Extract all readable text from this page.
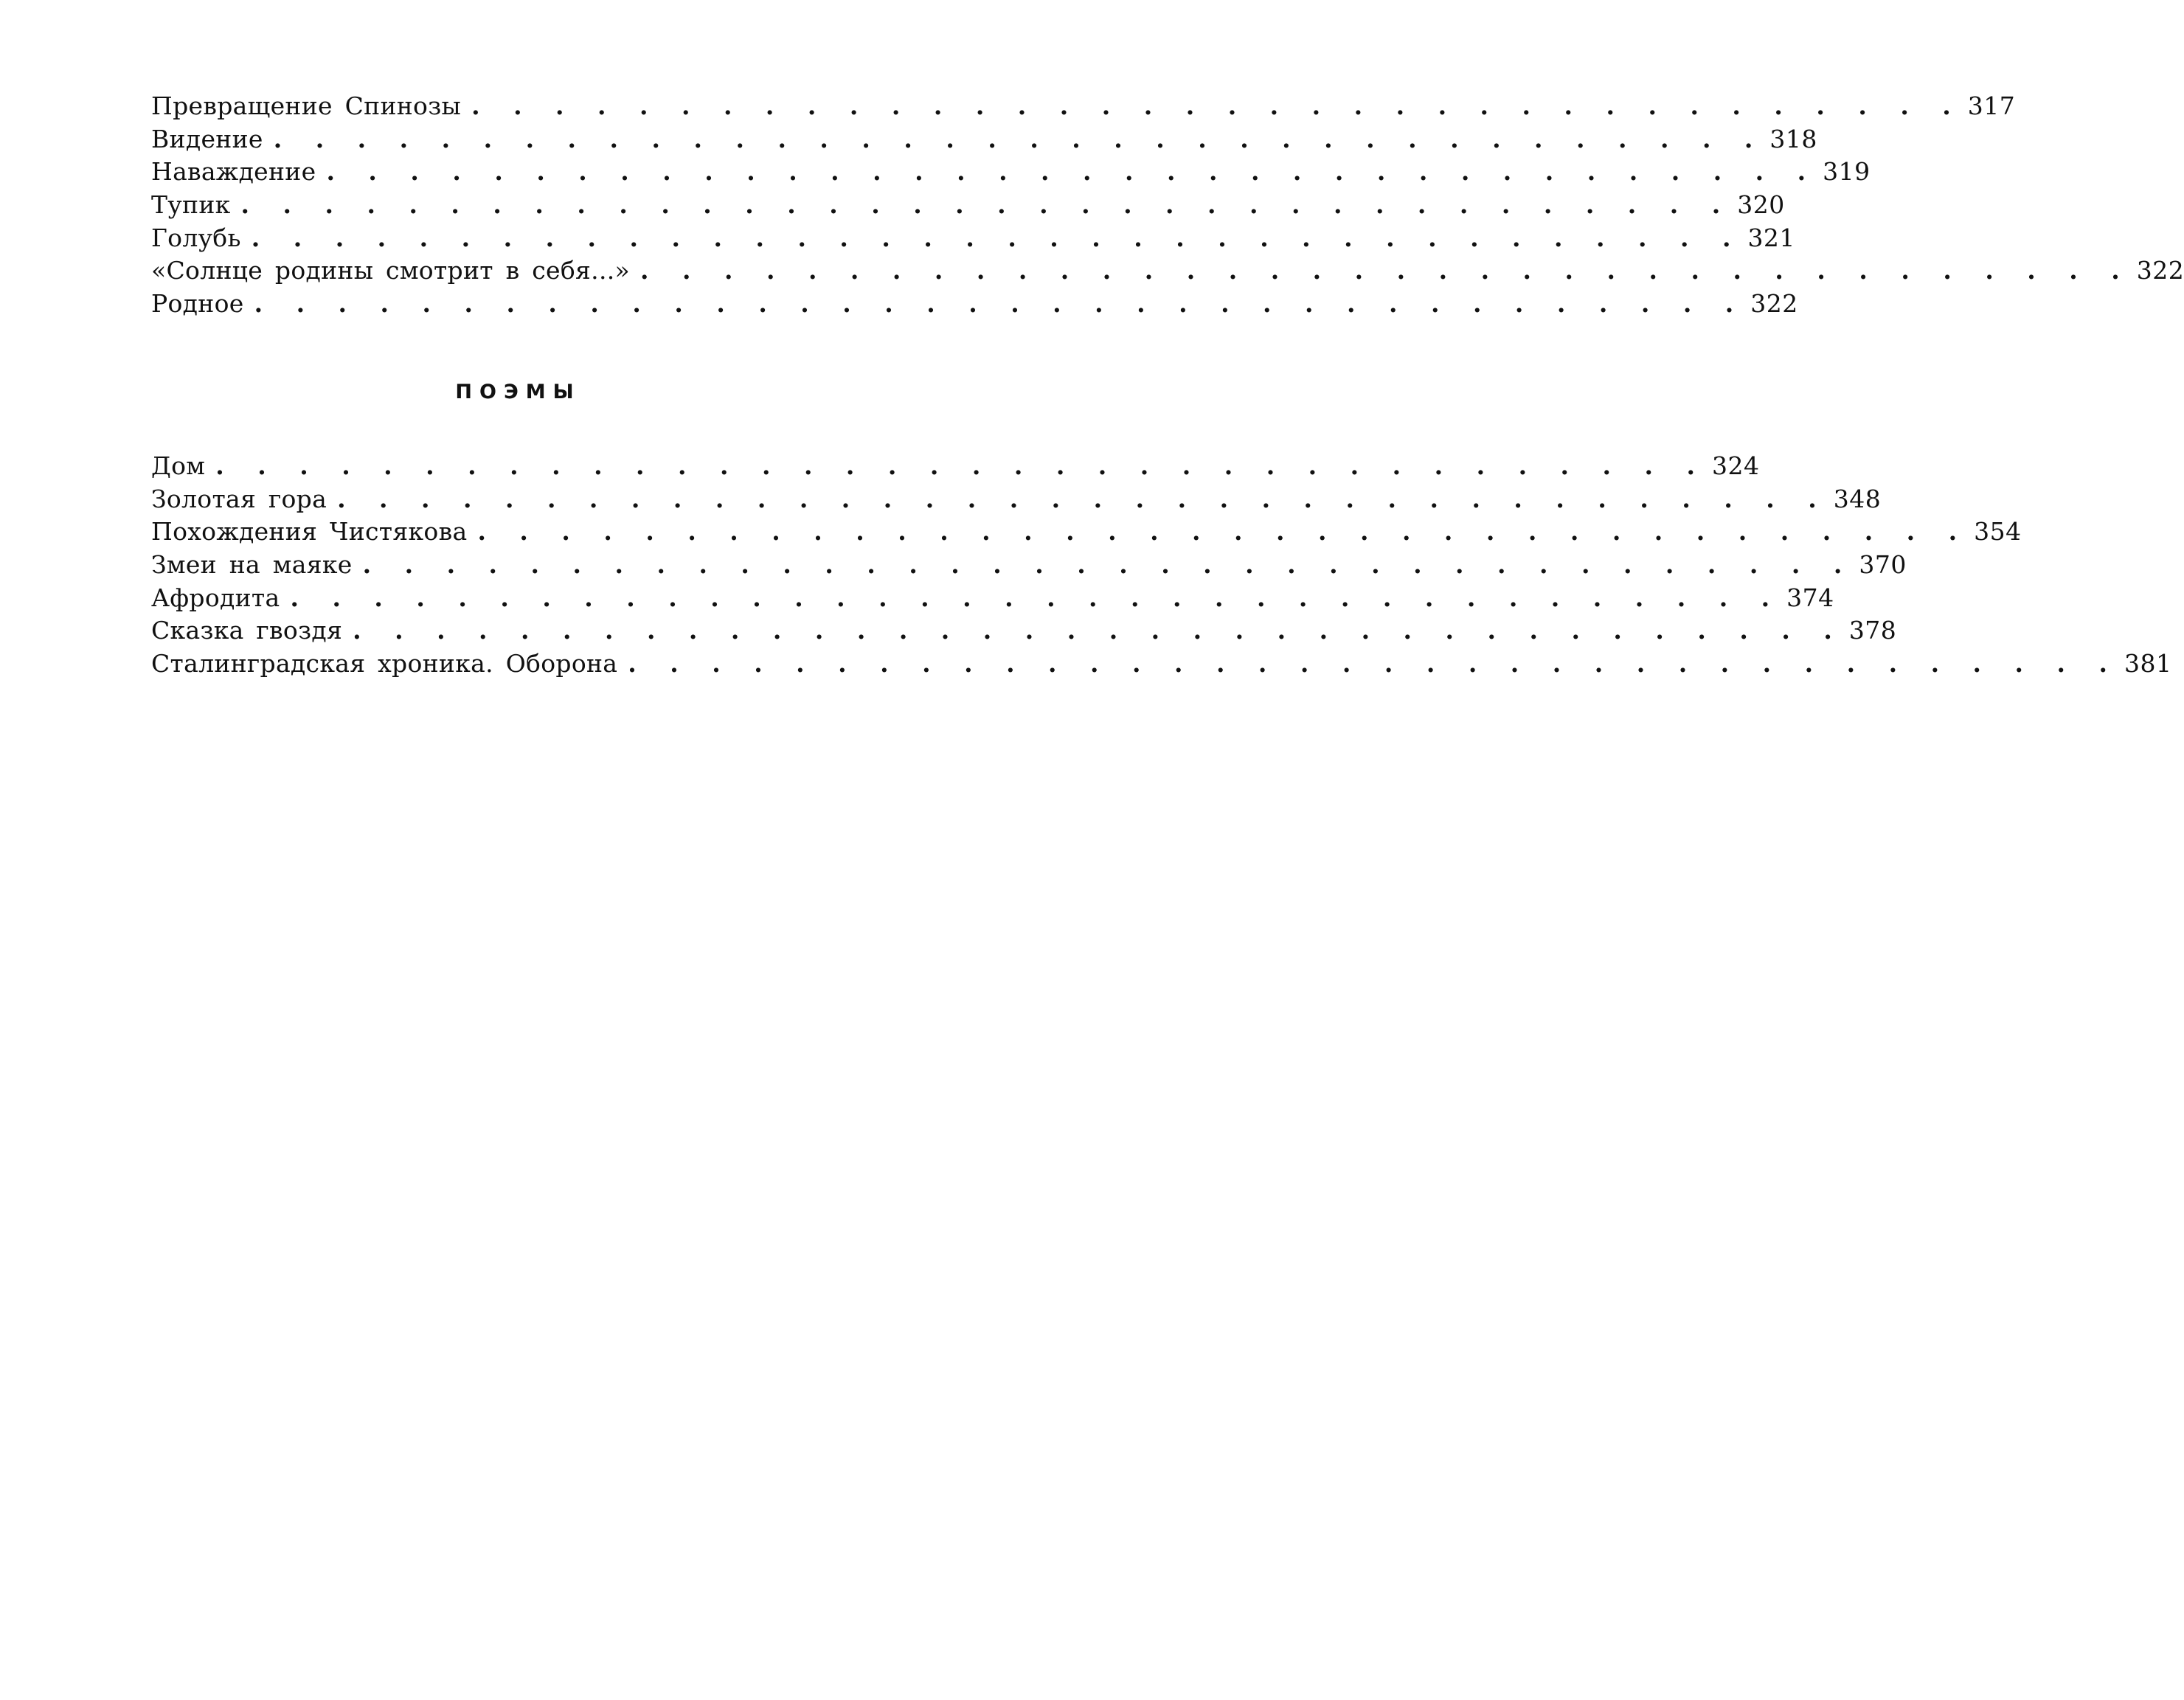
Превращение Спинозы . . . . . . . . . . . . . . . . . . . . . . . . . . . . . . . . . . . . 317
Видение . . . . . . . . . . . . . . . . . . . . . . . . . . . . . . . . . . . . 318
Наваждение . . . . . . . . . . . . . . . . . . . . . . . . . . . . . . . . . . . . 319
Тупик . . . . . . . . . . . . . . . . . . . . . . . . . . . . . . . . . . . . 320
Голубь . . . . . . . . . . . . . . . . . . . . . . . . . . . . . . . . . . . . 321
«Солнце родины смотрит в себя...» . . . . . . . . . . . . . . . . . . . . . . . . . . . . . . . . . . . . 322
Родное . . . . . . . . . . . . . . . . . . . . . . . . . . . . . . . . . . . . 322
ПОЭМЫ
Дом . . . . . . . . . . . . . . . . . . . . . . . . . . . . . . . . . . . . 324
Золотая гора . . . . . . . . . . . . . . . . . . . . . . . . . . . . . . . . . . . . 348
Похождения Чистякова . . . . . . . . . . . . . . . . . . . . . . . . . . . . . . . . . . . . 354
Змеи на маяке . . . . . . . . . . . . . . . . . . . . . . . . . . . . . . . . . . . . 370
Афродита . . . . . . . . . . . . . . . . . . . . . . . . . . . . . . . . . . . . 374
Сказка гвоздя . . . . . . . . . . . . . . . . . . . . . . . . . . . . . . . . . . . . 378
Сталинградская хроника. Оборона . . . . . . . . . . . . . . . . . . . . . . . . . . . . . . . . . . . . 381
